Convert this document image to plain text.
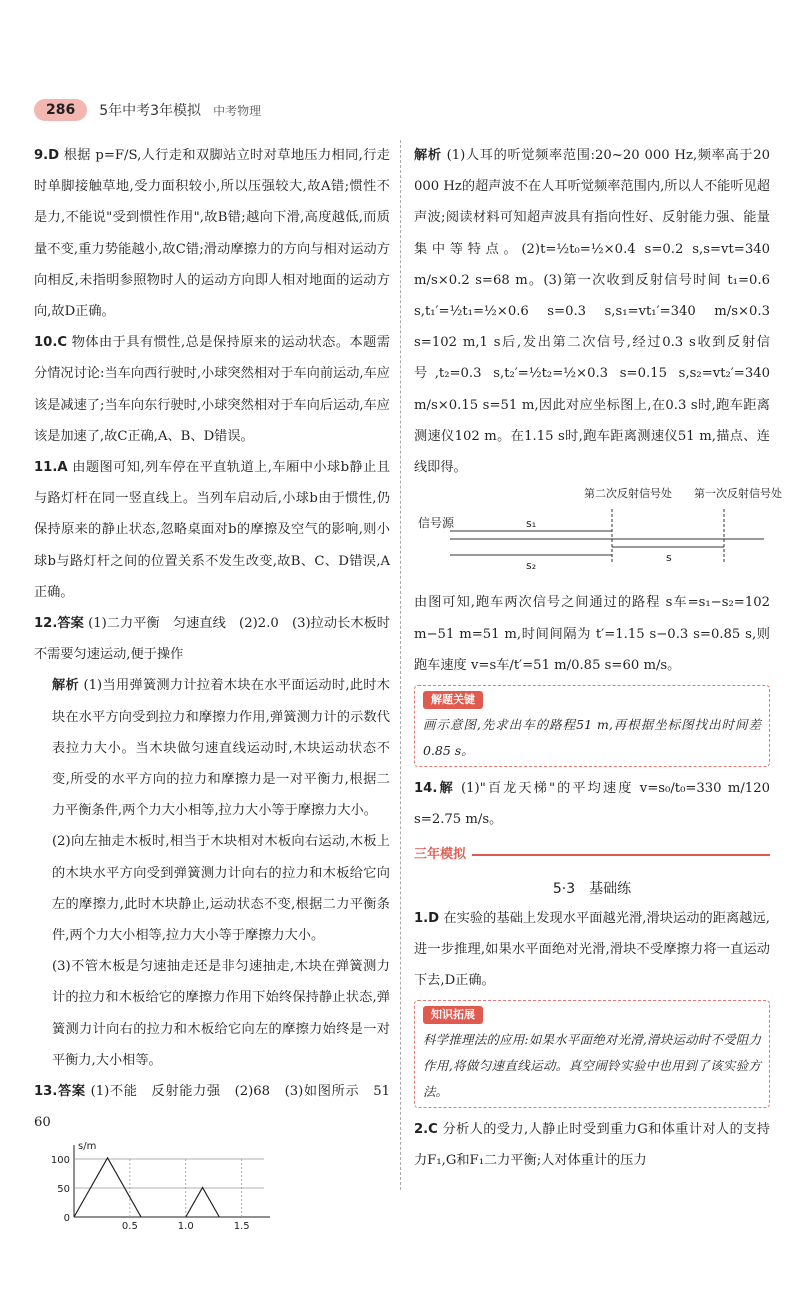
286	5年中考3年模拟 中考物理

9.D 根据 p=F/S,人行走和双脚站立时对草地压力相同,行走时单脚接触草地,受力面积较小,所以压强较大,故A错;惯性不是力,不能说"受到惯性作用",故B错;越向下滑,高度越低,而质量不变,重力势能越小,故C错;滑动摩擦力的方向与相对运动方向相反,未指明参照物时人的运动方向即人相对地面的运动方向,故D正确。

10.C 物体由于具有惯性,总是保持原来的运动状态。本题需分情况讨论:当车向西行驶时,小球突然相对于车向前运动,车应该是减速了;当车向东行驶时,小球突然相对于车向后运动,车应该是加速了,故C正确,A、B、D错误。

11.A 由题图可知,列车停在平直轨道上,车厢中小球b静止且与路灯杆在同一竖直线上。当列车启动后,小球b由于惯性,仍保持原来的静止状态,忽略桌面对b的摩擦及空气的影响,则小球b与路灯杆之间的位置关系不发生改变,故B、C、D错误,A正确。

12.答案 (1)二力平衡　匀速直线　(2)2.0　(3)拉动长木板时不需要匀速运动,便于操作

解析 (1)当用弹簧测力计拉着木块在水平面运动时,此时木块在水平方向受到拉力和摩擦力作用,弹簧测力计的示数代表拉力大小。当木块做匀速直线运动时,木块运动状态不变,所受的水平方向的拉力和摩擦力是一对平衡力,根据二力平衡条件,两个力大小相等,拉力大小等于摩擦力大小。

(2)向左抽走木板时,相当于木块相对木板向右运动,木板上的木块水平方向受到弹簧测力计向右的拉力和木板给它向左的摩擦力,此时木块静止,运动状态不变,根据二力平衡条件,两个力大小相等,拉力大小等于摩擦力大小。

(3)不管木板是匀速抽走还是非匀速抽走,木块在弹簧测力计的拉力和木板给它的摩擦力作用下始终保持静止状态,弹簧测力计向右的拉力和木板给它向左的摩擦力始终是一对平衡力,大小相等。

13.答案 (1)不能　反射能力强　(2)68　(3)如图所示　51　60

s/m
100
50
0
0.5	1.0	1.5

解析 (1)人耳的听觉频率范围:20~20 000 Hz,频率高于20 000 Hz的超声波不在人耳听觉频率范围内,所以人不能听见超声波;阅读材料可知超声波具有指向性好、反射能力强、能量集中等特点。(2)t=½t₀=½×0.4 s=0.2 s,s=vt=340 m/s×0.2 s=68 m。(3)第一次收到反射信号时间 t₁=0.6 s,t₁′=½t₁=½×0.6 s=0.3 s,s₁=vt₁′=340 m/s×0.3 s=102 m,1 s后,发出第二次信号,经过0.3 s收到反射信号,t₂=0.3 s,t₂′=½t₂=½×0.3 s=0.15 s,s₂=vt₂′=340 m/s×0.15 s=51 m,因此对应坐标图上,在0.3 s时,跑车距离测速仪102 m。在1.15 s时,跑车距离测速仪51 m,描点、连线即得。

信号源
第二次反射信号处 第一次反射信号处
s₁
s₂
s

由图可知,跑车两次信号之间通过的路程 s车=s₁−s₂=102 m−51 m=51 m,时间间隔为 t′=1.15 s−0.3 s=0.85 s,则跑车速度 v=s车/t′=51 m/0.85 s=60 m/s。

解题关键

画示意图,先求出车的路程51 m,再根据坐标图找出时间差0.85 s。

14.解 (1)"百龙天梯"的平均速度 v=s₀/t₀=330 m/120 s=2.75 m/s。

三年模拟
5·3　基础练

1.D 在实验的基础上发现水平面越光滑,滑块运动的距离越远,进一步推理,如果水平面绝对光滑,滑块不受摩擦力将一直运动下去,D正确。

知识拓展

科学推理法的应用:如果水平面绝对光滑,滑块运动时不受阻力作用,将做匀速直线运动。真空闹铃实验中也用到了该实验方法。

2.C 分析人的受力,人静止时受到重力G和体重计对人的支持力F₁,G和F₁二力平衡;人对体重计的压力
